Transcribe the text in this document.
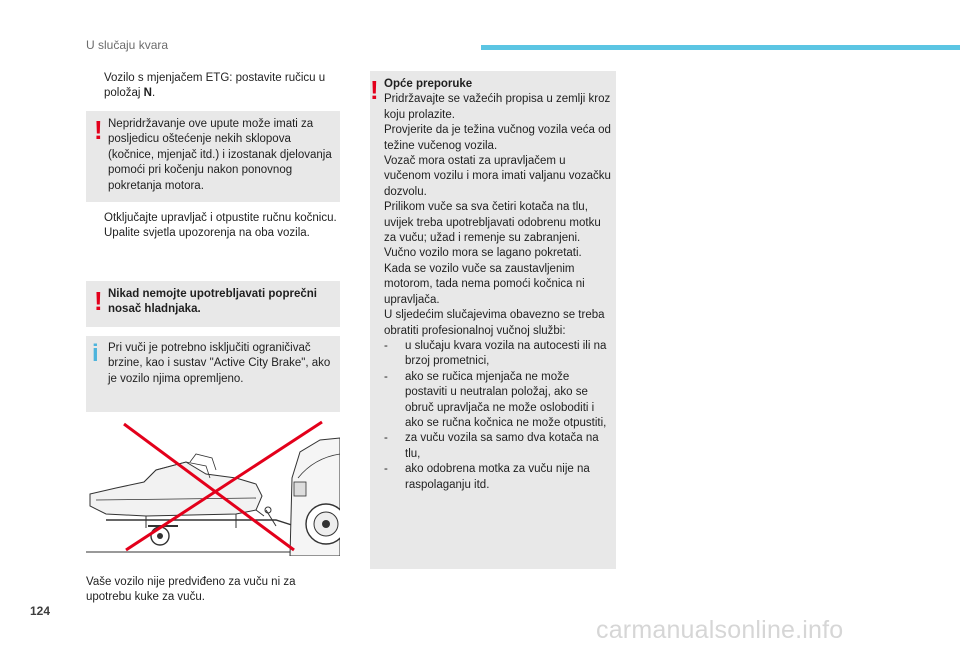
U slučaju kvara
Vozilo s mjenjačem ETG: postavite ručicu u položaj N.
! Nepridržavanje ove upute može imati za posljedicu oštećenje nekih sklopova (kočnice, mjenjač itd.) i izostanak djelovanja pomoći pri kočenju nakon ponovnog pokretanja motora.
Otključajte upravljač i otpustite ručnu kočnicu.
Upalite svjetla upozorenja na oba vozila.
! Nikad nemojte upotrebljavati poprečni nosač hladnjaka.
i Pri vuči je potrebno isključiti ograničivač brzine, kao i sustav "Active City Brake", ako je vozilo njima opremljeno.
Vaše vozilo nije predviđeno za vuču ni za upotrebu kuke za vuču.
! Opće preporuke
Pridržavajte se važećih propisa u zemlji kroz koju prolazite.
Provjerite da je težina vučnog vozila veća od težine vučenog vozila.
Vozač mora ostati za upravljačem u vučenom vozilu i mora imati valjanu vozačku dozvolu.
Prilikom vuče sa sva četiri kotača na tlu, uvijek treba upotrebljavati odobrenu motku za vuču; užad i remenje su zabranjeni.
Vučno vozilo mora se lagano pokretati.
Kada se vozilo vuče sa zaustavljenim motorom, tada nema pomoći kočnica ni upravljača.
U sljedećim slučajevima obavezno se treba obratiti profesionalnoj vučnoj službi:
-	u slučaju kvara vozila na autocesti ili na brzoj prometnici,
-	ako se ručica mjenjača ne može postaviti u neutralan položaj, ako se obruč upravljača ne može osloboditi i ako se ručna kočnica ne može otpustiti,
-	za vuču vozila sa samo dva kotača na tlu,
-	ako odobrena motka za vuču nije na raspolaganju itd.
124
carmanualsonline.info
